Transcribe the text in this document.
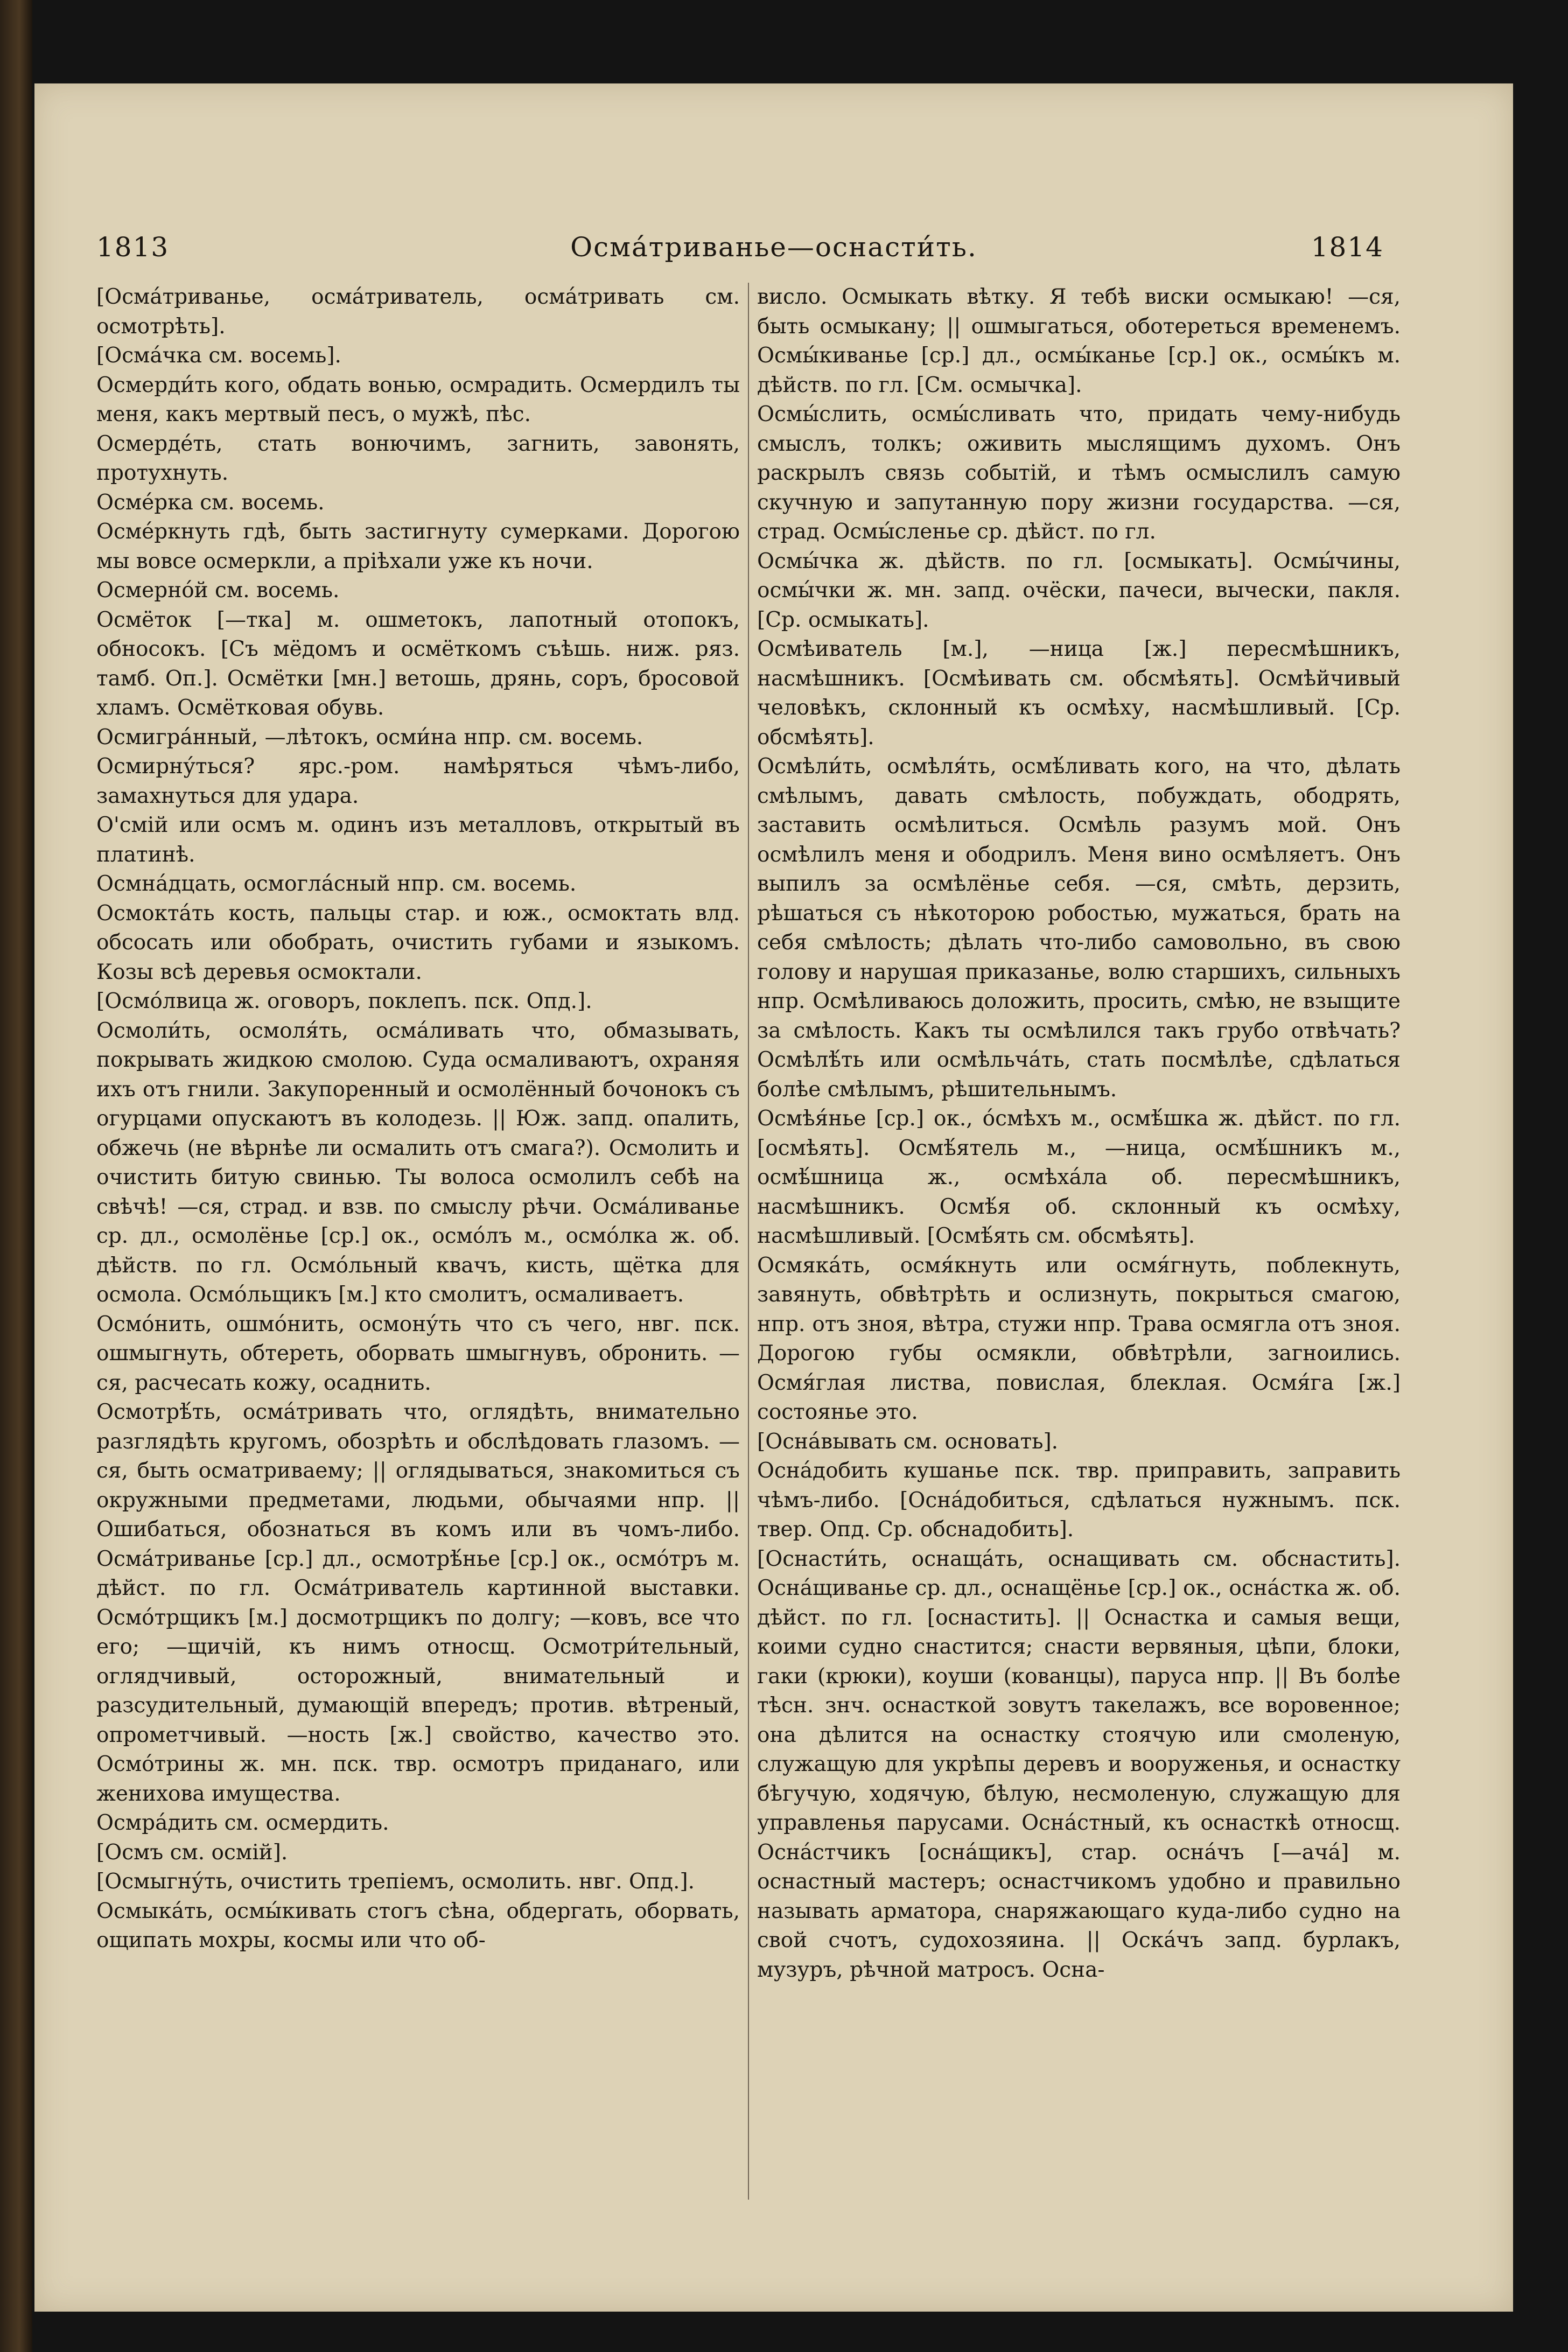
1813	Осма́триванье—оснасти́ть.	1814

[Осма́триванье, осма́триватель, осма́тривать см. осмотрѣть].

[Осма́чка см. восемь].

Осмерди́ть кого, обдать вонью, осмрадить. Осмердилъ ты меня, какъ мертвый песъ, о мужѣ, пѣс.

Осмерде́ть, стать вонючимъ, загнить, завонять, протухнуть.

Осме́рка см. восемь.

Осме́ркнуть гдѣ, быть застигнуту сумерками. Дорогою мы вовсе осмеркли, а пріѣхали уже къ ночи.

Осмерно́й см. восемь.

Осмёток [—тка] м. ошметокъ, лапотный отопокъ, обносокъ. [Съ мёдомъ и осмёткомъ съѣшь. ниж. ряз. тамб. Оп.]. Осмётки [мн.] ветошь, дрянь, соръ, бросовой хламъ. Осмётковая обувь.

Осмигра́нный, —лѣтокъ, осми́на нпр. см. восемь.

Осмирну́ться? ярс.-ром. намѣряться чѣмъ-либо, замахнуться для удара.

О'смій или осмъ м. одинъ изъ металловъ, открытый въ платинѣ.

Осмна́дцать, осмогла́сный нпр. см. восемь.

Осмокта́ть кость, пальцы стар. и юж., осмоктать влд. обсосать или обобрать, очистить губами и языкомъ. Козы всѣ деревья осмоктали.

[Осмо́лвица ж. оговоръ, поклепъ. пск. Опд.].

Осмоли́ть, осмоля́ть, осма́ливать что, обмазывать, покрывать жидкою смолою. Суда осмаливаютъ, охраняя ихъ отъ гнили. Закупоренный и осмолённый бочонокъ съ огурцами опускаютъ въ колодезь. || Юж. запд. опалить, обжечь (не вѣрнѣе ли осмалить отъ смага?). Осмолить и очистить битую свинью. Ты волоса осмолилъ себѣ на свѣчѣ! —ся, страд. и взв. по смыслу рѣчи. Осма́ливанье ср. дл., осмолёнье [ср.] ок., осмо́лъ м., осмо́лка ж. об. дѣйств. по гл. Осмо́льный квачъ, кисть, щётка для осмола. Осмо́льщикъ [м.] кто смолитъ, осмаливаетъ.

Осмо́нить, ошмо́нить, осмону́ть что съ чего, нвг. пск. ошмыгнуть, обтереть, оборвать шмыгнувъ, обронить. —ся, расчесать кожу, осаднить.

Осмотрѣ́ть, осма́тривать что, оглядѣть, внимательно разглядѣть кругомъ, обозрѣть и обслѣдовать глазомъ. —ся, быть осматриваему; || оглядываться, знакомиться съ окружными предметами, людьми, обычаями нпр. || Ошибаться, обознаться въ комъ или въ чомъ-либо. Осма́триванье [ср.] дл., осмотрѣ́нье [ср.] ок., осмо́тръ м. дѣйст. по гл. Осма́триватель картинной выставки. Осмо́трщикъ [м.] досмотрщикъ по долгу; —ковъ, все что его; —щичій, къ нимъ относщ. Осмотри́тельный, оглядчивый, осторожный, внимательный и разсудительный, думающій впередъ; против. вѣтреный, опрометчивый. —ность [ж.] свойство, качество это. Осмо́трины ж. мн. пск. твр. осмотръ приданаго, или женихова имущества.

Осмра́дить см. осмердить.

[Осмъ см. осмій].

[Осмыгну́ть, очистить трепіемъ, осмолить. нвг. Опд.].

Осмыка́ть, осмы́кивать стогъ сѣна, обдергать, оборвать, ощипать мохры, космы или что об-

висло. Осмыкать вѣтку. Я тебѣ виски осмыкаю! —ся, быть осмыкану; || ошмыгаться, оботереться временемъ. Осмы́киванье [ср.] дл., осмы́канье [ср.] ок., осмы́къ м. дѣйств. по гл. [См. осмычка].

Осмы́слить, осмы́сливать что, придать чему-нибудь смыслъ, толкъ; оживить мыслящимъ духомъ. Онъ раскрылъ связь событій, и тѣмъ осмыслилъ самую скучную и запутанную пору жизни государства. —ся, страд. Осмы́сленье ср. дѣйст. по гл.

Осмы́чка ж. дѣйств. по гл. [осмыкать]. Осмы́чины, осмы́чки ж. мн. запд. очёски, пачеси, вычески, пакля. [Ср. осмыкать].

Осмѣиватель [м.], —ница [ж.] пересмѣшникъ, насмѣшникъ. [Осмѣивать см. обсмѣять]. Осмѣйчивый человѣкъ, склонный къ осмѣху, насмѣшливый. [Ср. обсмѣять].

Осмѣли́ть, осмѣля́ть, осмѣ́ливать кого, на что, дѣлать смѣлымъ, давать смѣлость, побуждать, ободрять, заставить осмѣлиться. Осмѣль разумъ мой. Онъ осмѣлилъ меня и ободрилъ. Меня вино осмѣляетъ. Онъ выпилъ за осмѣлёнье себя. —ся, смѣть, дерзить, рѣшаться съ нѣкоторою робостью, мужаться, брать на себя смѣлость; дѣлать что-либо самовольно, въ свою голову и нарушая приказанье, волю старшихъ, сильныхъ нпр. Осмѣливаюсь доложить, просить, смѣю, не взыщите за смѣлость. Какъ ты осмѣлился такъ грубо отвѣчать? Осмѣлѣ́ть или осмѣльча́ть, стать посмѣлѣе, сдѣлаться болѣе смѣлымъ, рѣшительнымъ.

Осмѣя́нье [ср.] ок., о́смѣхъ м., осмѣ́шка ж. дѣйст. по гл. [осмѣять]. Осмѣ́ятель м., —ница, осмѣ́шникъ м., осмѣ́шница ж., осмѣха́ла об. пересмѣшникъ, насмѣшникъ. Осмѣ́я об. склонный къ осмѣху, насмѣшливый. [Осмѣ́ять см. обсмѣять].

Осмяка́ть, осмя́кнуть или осмя́гнуть, поблекнуть, завянуть, обвѣтрѣть и ослизнуть, покрыться смагою, нпр. отъ зноя, вѣтра, стужи нпр. Трава осмягла отъ зноя. Дорогою губы осмякли, обвѣтрѣли, загноились. Осмя́глая листва, повислая, блеклая. Осмя́га [ж.] состоянье это.

[Осна́вывать см. основать].

Осна́добить кушанье пск. твр. приправить, заправить чѣмъ-либо. [Осна́добиться, сдѣлаться нужнымъ. пск. твер. Опд. Ср. обснадобить].

[Оснасти́ть, оснаща́ть, оснащивать см. обснастить]. Осна́щиванье ср. дл., оснащёнье [ср.] ок., осна́стка ж. об. дѣйст. по гл. [оснастить]. || Оснастка и самыя вещи, коими судно снастится; снасти вервяныя, цѣпи, блоки, гаки (крюки), коуши (кованцы), паруса нпр. || Въ болѣе тѣсн. знч. оснасткой зовутъ такелажъ, все воровенное; она дѣлится на оснастку стоячую или смоленую, служащую для укрѣпы деревъ и вооруженья, и оснастку бѣгучую, ходячую, бѣлую, несмоленую, служащую для управленья парусами. Осна́стный, къ оснасткѣ относщ. Осна́стчикъ [осна́щикъ], стар. осна́чъ [—ача́] м. оснастный мастеръ; оснастчикомъ удобно и правильно называть арматора, снаряжающаго куда-либо судно на свой счотъ, судохозяина. || Оска́чъ запд. бурлакъ, музуръ, рѣчной матросъ. Осна-
